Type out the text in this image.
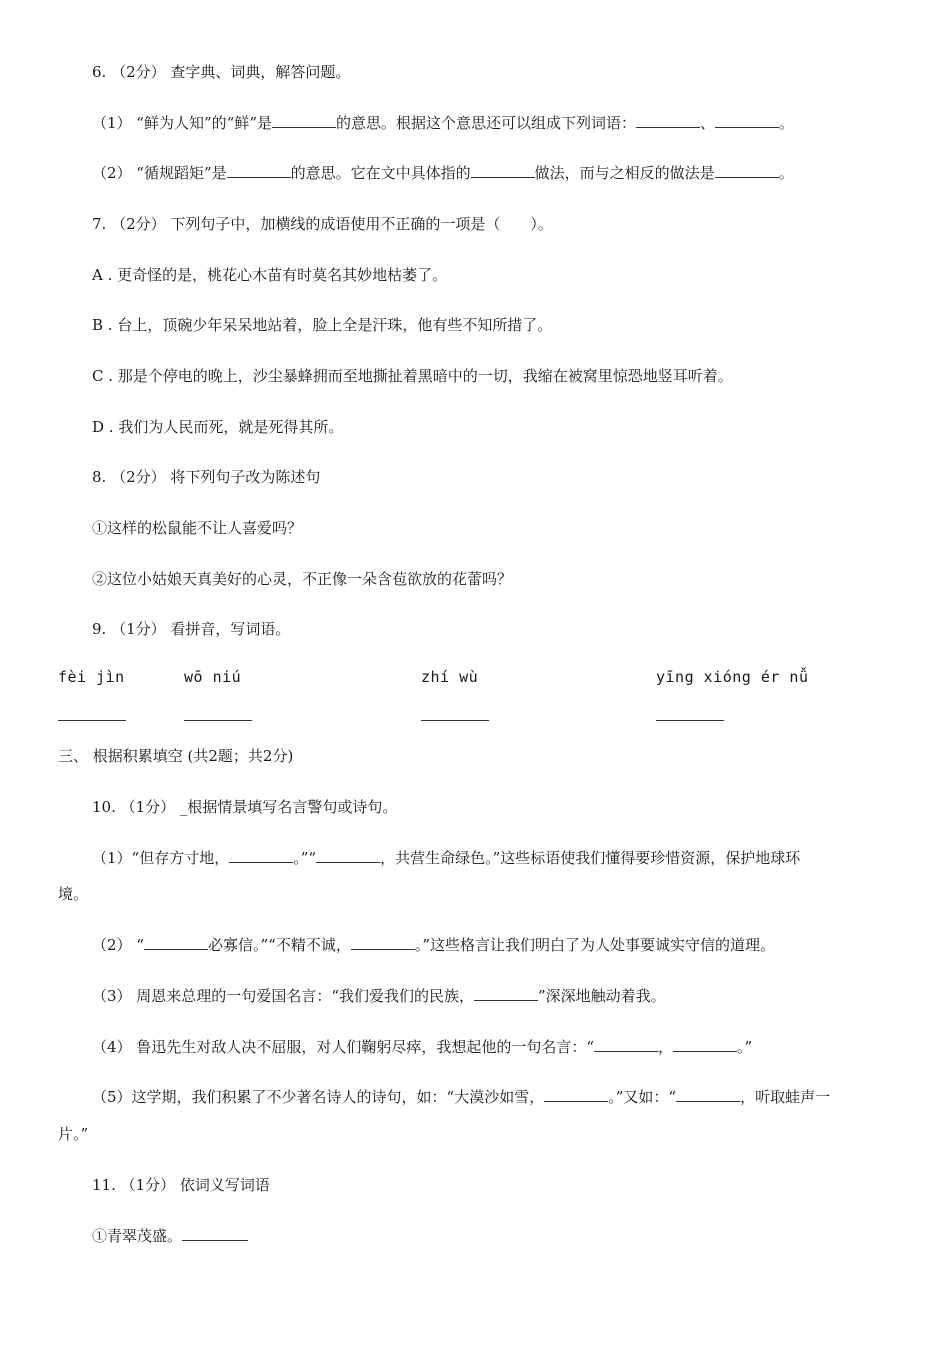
6. （2分） 查字典、词典，解答问题。
（1） “鲜为人知”的“鲜”是	的意思。根据这个意思还可以组成下列词语：	、	。
（2） “循规蹈矩”是	的意思。它在文中具体指的	做法，而与之相反的做法是	。
7. （2分） 下列句子中，加横线的成语使用不正确的一项是（　　）。
A . 更奇怪的是，桃花心木苗有时莫名其妙地枯萎了。
B . 台上，顶碗少年呆呆地站着，脸上全是汗珠，他有些不知所措了。
C . 那是个停电的晚上，沙尘暴蜂拥而至地撕扯着黑暗中的一切，我缩在被窝里惊恐地竖耳听着。
D . 我们为人民而死，就是死得其所。
8. （2分） 将下列句子改为陈述句
①这样的松鼠能不让人喜爱吗？
②这位小姑娘天真美好的心灵，不正像一朵含苞欲放的花蕾吗？
9. （1分） 看拼音，写词语。
fèi jìn	wō niú	zhí wù	yīng xióng ér nǚ
三、 根据积累填空 (共2题；共2分)
10. （1分） _根据情景填写名言警句或诗句。
（1）“但存方寸地，	。”“	，共营生命绿色。”这些标语使我们懂得要珍惜资源，保护地球环
境。
（2） “	必寡信。”“不精不诚，	。”这些格言让我们明白了为人处事要诚实守信的道理。
（3） 周恩来总理的一句爱国名言：“我们爱我们的民族，	”深深地触动着我。
（4） 鲁迅先生对敌人决不屈服，对人们鞠躬尽瘁，我想起他的一句名言：“	，	。”
（5）这学期，我们积累了不少著名诗人的诗句，如：“大漠沙如雪，	。”又如：“	，听取蛙声一
片。”
11. （1分） 依词义写词语
①青翠茂盛。
